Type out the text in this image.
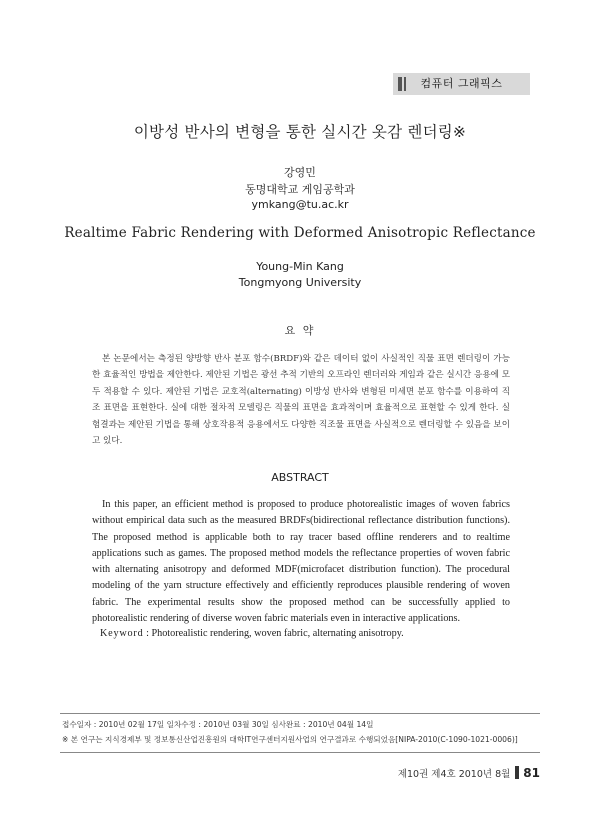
컴퓨터 그래픽스
이방성 반사의 변형을 통한 실시간 옷감 렌더링※
강영민
동명대학교 게임공학과
ymkang@tu.ac.kr
Realtime Fabric Rendering with Deformed Anisotropic Reflectance
Young-Min Kang
Tongmyong University
요 약

본 논문에서는 측정된 양방향 반사 분포 함수(BRDF)와 같은 데이터 없이 사실적인 직물 표면 렌더링이 가능한 효율적인 방법을 제안한다. 제안된 기법은 광선 추적 기반의 오프라인 렌더러와 게임과 같은 실시간 응용에 모두 적용할 수 있다. 제안된 기법은 교호적(alternating) 이방성 반사와 변형된 미세면 분포 함수를 이용하여 직조 표면을 표현한다. 실에 대한 절차적 모델링은 직물의 표면을 효과적이며 효율적으로 표현할 수 있게 한다. 실험결과는 제안된 기법을 통해 상호작용적 응용에서도 다양한 직조물 표면을 사실적으로 렌더링할 수 있음을 보이고 있다.

ABSTRACT

In this paper, an efficient method is proposed to produce photorealistic images of woven fabrics without empirical data such as the measured BRDFs(bidirectional reflectance distribution functions). The proposed method is applicable both to ray tracer based offline renderers and to realtime applications such as games. The proposed method models the reflectance properties of woven fabric with alternating anisotropy and deformed MDF(microfacet distribution function). The procedural modeling of the yarn structure effectively and efficiently reproduces plausible rendering of woven fabric. The experimental results show the proposed method can be successfully applied to photorealistic rendering of diverse woven fabric materials even in interactive applications.

Keyword : Photorealistic rendering, woven fabric, alternating anisotropy.
접수일자 : 2010년 02월 17일 일차수정 : 2010년 03월 30일 심사완료 : 2010년 04월 14일
※ 본 연구는 지식경제부 및 정보통신산업진흥원의 대학IT연구센터지원사업의 연구결과로 수행되었음[NIPA-2010(C-1090-1021-0006)]
제10권 제4호 2010년 8월 81
